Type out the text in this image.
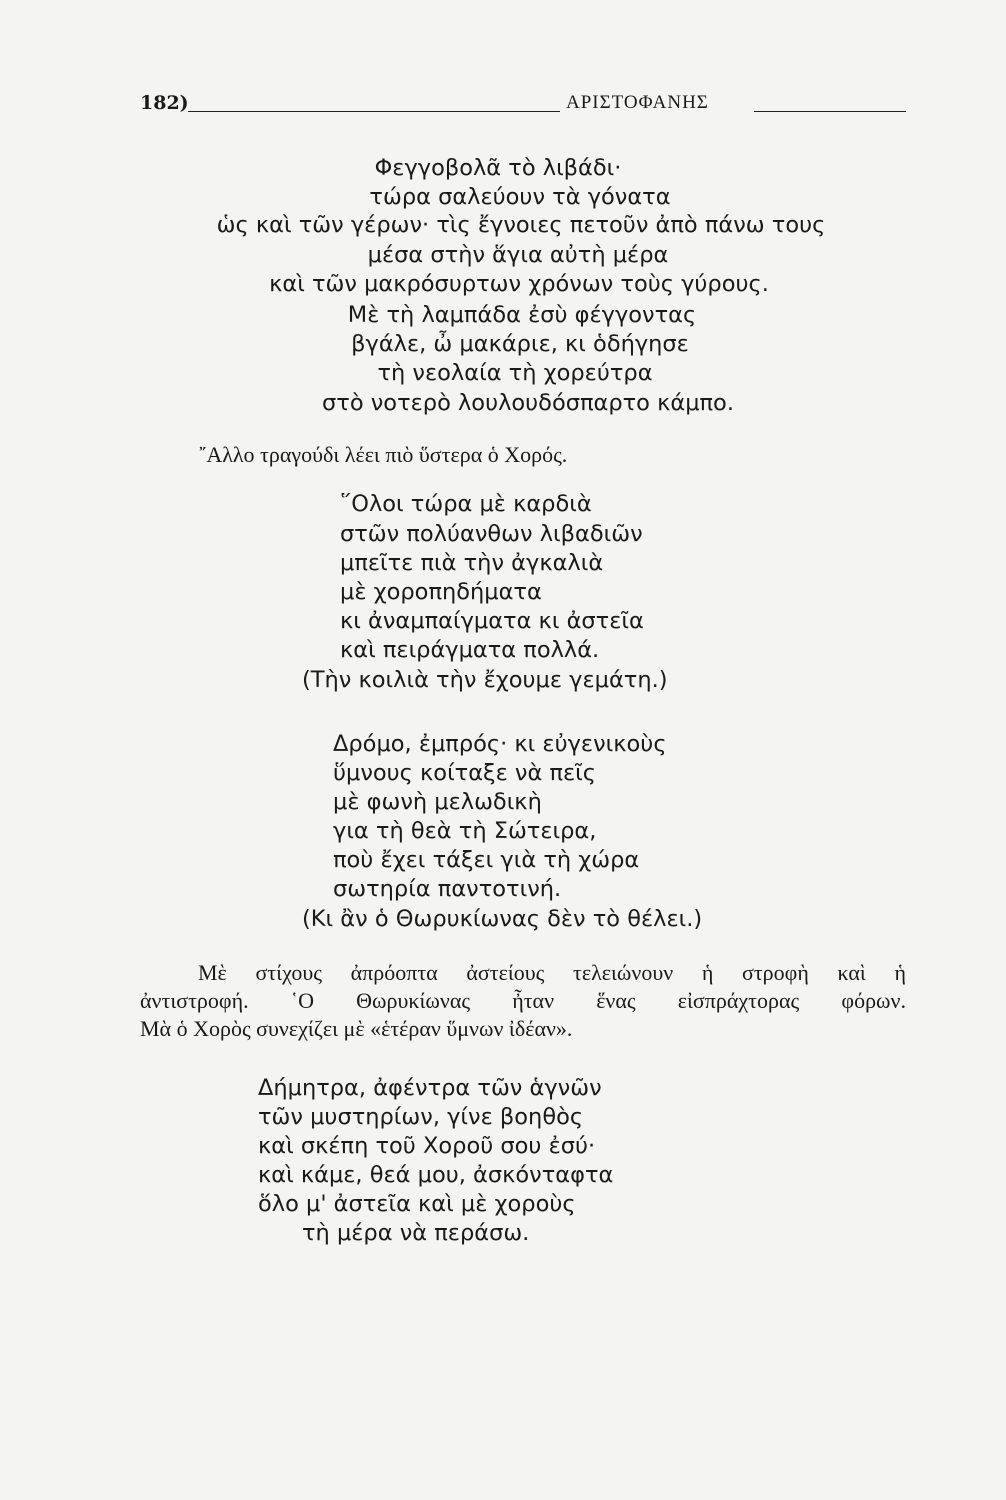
182)	ΑΡΙΣΤΟΦΑΝΗΣ
Φεγγοβολᾶ τὸ λιβάδι·
τώρα σαλεύουν τὰ γόνατα
ὡς καὶ τῶν γέρων· τὶς ἔγνοιες πετοῦν ἀπὸ πάνω τους
μέσα στὴν ἅγια αὐτὴ μέρα
καὶ τῶν μακρόσυρτων χρόνων τοὺς γύρους.
Μὲ τὴ λαμπάδα ἐσὺ φέγγοντας
βγάλε, ὦ μακάριε, κι ὁδήγησε
τὴ νεολαία τὴ χορεύτρα
στὸ νοτερὸ λουλουδόσπαρτο κάμπο.
῎Αλλο τραγούδι λέει πιὸ ὕστερα ὁ Χορός.
῞Ολοι τώρα μὲ καρδιὰ
στῶν πολύανθων λιβαδιῶν
μπεῖτε πιὰ τὴν ἀγκαλιὰ
μὲ χοροπηδήματα
κι ἀναμπαίγματα κι ἀστεῖα
καὶ πειράγματα πολλά.
(Τὴν κοιλιὰ τὴν ἔχουμε γεμάτη.)
Δρόμο, ἐμπρός· κι εὐγενικοὺς
ὕμνους κοίταξε νὰ πεῖς
μὲ φωνὴ μελωδικὴ
για τὴ θεὰ τὴ Σώτειρα,
ποὺ ἔχει τάξει γιὰ τὴ χώρα
σωτηρία παντοτινή.
(Κι ἂν ὁ Θωρυκίωνας δὲν τὸ θέλει.)
Μὲ στίχους ἀπρόοπτα ἀστείους τελειώνουν ἡ στροφὴ καὶ ἡ
ἀντιστροφή. ῾Ο Θωρυκίωνας ἦταν ἕνας εἰσπράχτορας φόρων.
Μὰ ὁ Χορὸς συνεχίζει μὲ «ἑτέραν ὕμνων ἰδέαν».
Δήμητρα, ἀφέντρα τῶν ἁγνῶν
τῶν μυστηρίων, γίνε βοηθὸς
καὶ σκέπη τοῦ Χοροῦ σου ἐσύ·
καὶ κάμε, θεά μου, ἀσκόνταφτα
ὅλο μ' ἀστεῖα καὶ μὲ χοροὺς
τὴ μέρα νὰ περάσω.
